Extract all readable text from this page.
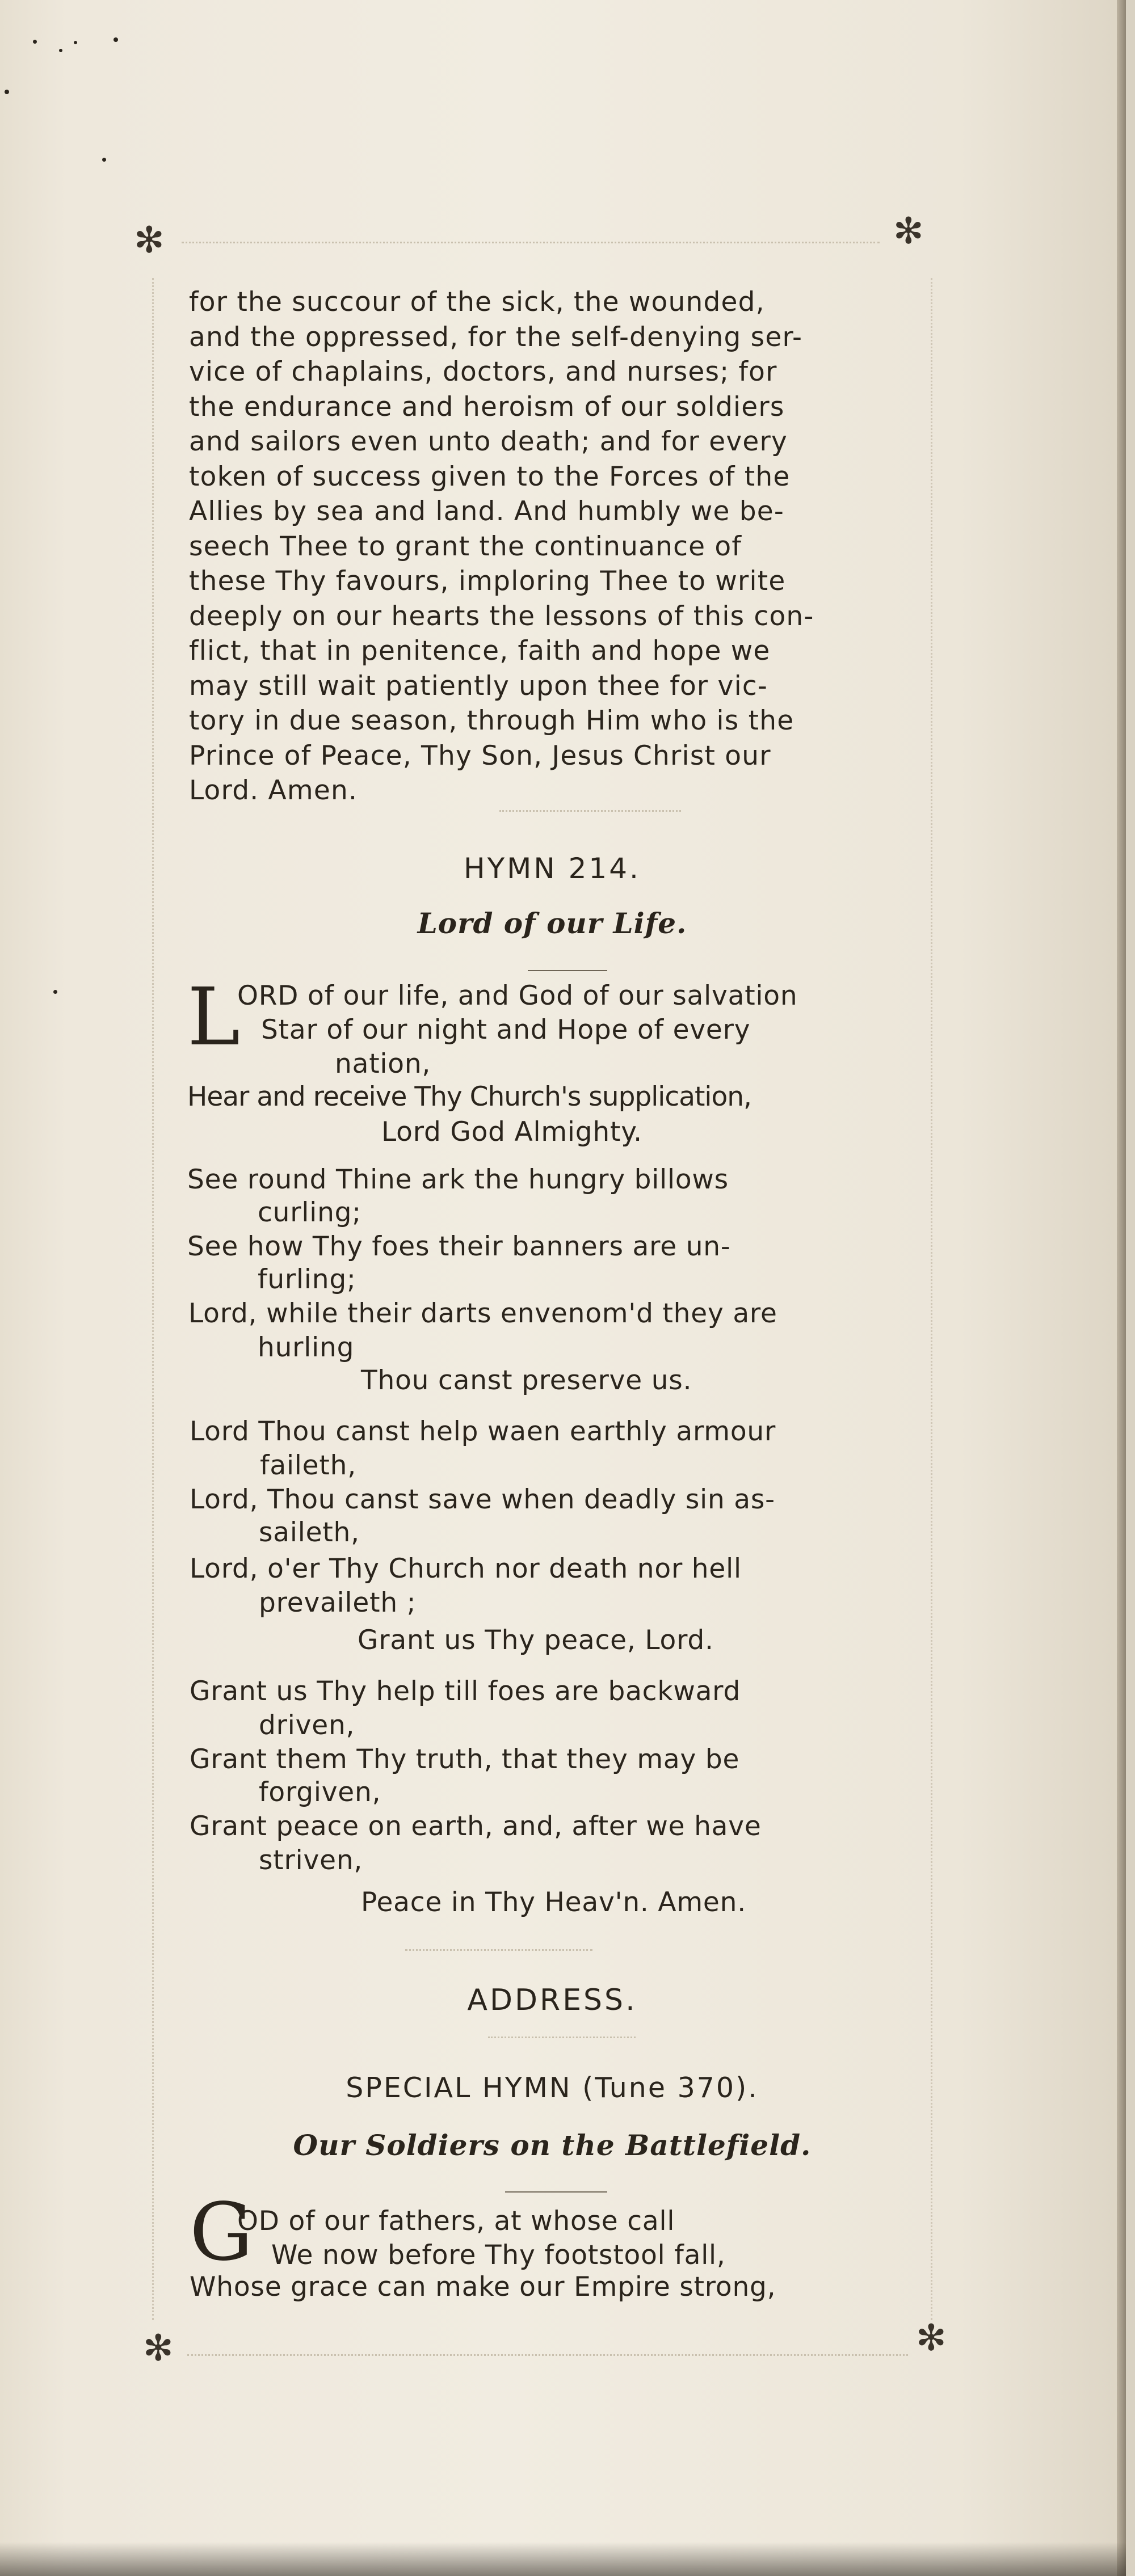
✻	✻

for the succour of the sick, the wounded,

and the oppressed, for the self-denying ser-

vice of chaplains, doctors, and nurses; for

the endurance and heroism of our soldiers

and sailors even unto death; and for every

token of success given to the Forces of the

Allies by sea and land. And humbly we be-

seech Thee to grant the continuance of

these Thy favours, imploring Thee to write

deeply on our hearts the lessons of this con-

flict, that in penitence, faith and hope we

may still wait patiently upon thee for vic-

tory in due season, through Him who is the

Prince of Peace, Thy Son, Jesus Christ our

Lord. Amen.

HYMN 214.
Lord of our Life.
L
ORD of our life, and God of our salvation
Star of our night and Hope of every
nation,
Hear and receive Thy Church's supplication,
Lord God Almighty.
See round Thine ark the hungry billows
curling;
See how Thy foes their banners are un-
furling;
Lord, while their darts envenom'd they are
hurling
Thou canst preserve us.
Lord Thou canst help waen earthly armour
faileth,
Lord, Thou canst save when deadly sin as-
saileth,
Lord, o'er Thy Church nor death nor hell
prevaileth ;
Grant us Thy peace, Lord.
Grant us Thy help till foes are backward
driven,
Grant them Thy truth, that they may be
forgiven,
Grant peace on earth, and, after we have
striven,
Peace in Thy Heav'n. Amen.
ADDRESS.
SPECIAL HYMN (Tune 370).
Our Soldiers on the Battlefield.
G
OD of our fathers, at whose call
We now before Thy footstool fall,
Whose grace can make our Empire strong,
✻	✻
